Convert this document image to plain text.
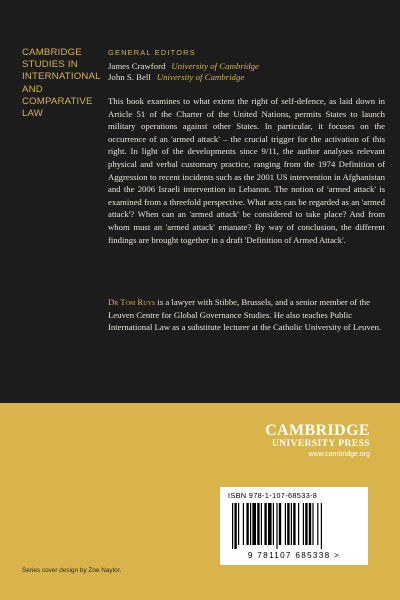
CAMBRIDGE
STUDIES IN
INTERNATIONAL
AND
COMPARATIVE
LAW
GENERAL EDITORS
James Crawford University of Cambridge
John S. Bell University of Cambridge

This book examines to what extent the right of self-defence, as laid down in Article 51 of the Charter of the United Nations, permits States to launch military operations against other States. In particular, it focuses on the occurrence of an 'armed attack' – the crucial trigger for the activation of this right. In light of the developments since 9/11, the author analyses relevant physical and verbal customary practice, ranging from the 1974 Definition of Aggression to recent incidents such as the 2001 US intervention in Afghanistan and the 2006 Israeli intervention in Lebanon. The notion of 'armed attack' is examined from a threefold perspective. What acts can be regarded as an 'armed attack'? When can an 'armed attack' be considered to take place? And from whom must an 'armed attack' emanate? By way of conclusion, the different findings are brought together in a draft 'Definition of Armed Attack'.

Dr Tom Ruys is a lawyer with Stibbe, Brussels, and a senior member of the Leuven Centre for Global Governance Studies. He also teaches Public International Law as a substitute lecturer at the Catholic University of Leuven.

CAMBRIDGE
UNIVERSITY PRESS
www.cambridge.org
ISBN 978-1-107-68533-8
9 781107 685338 >
Series cover design by Zoe Naylor.
